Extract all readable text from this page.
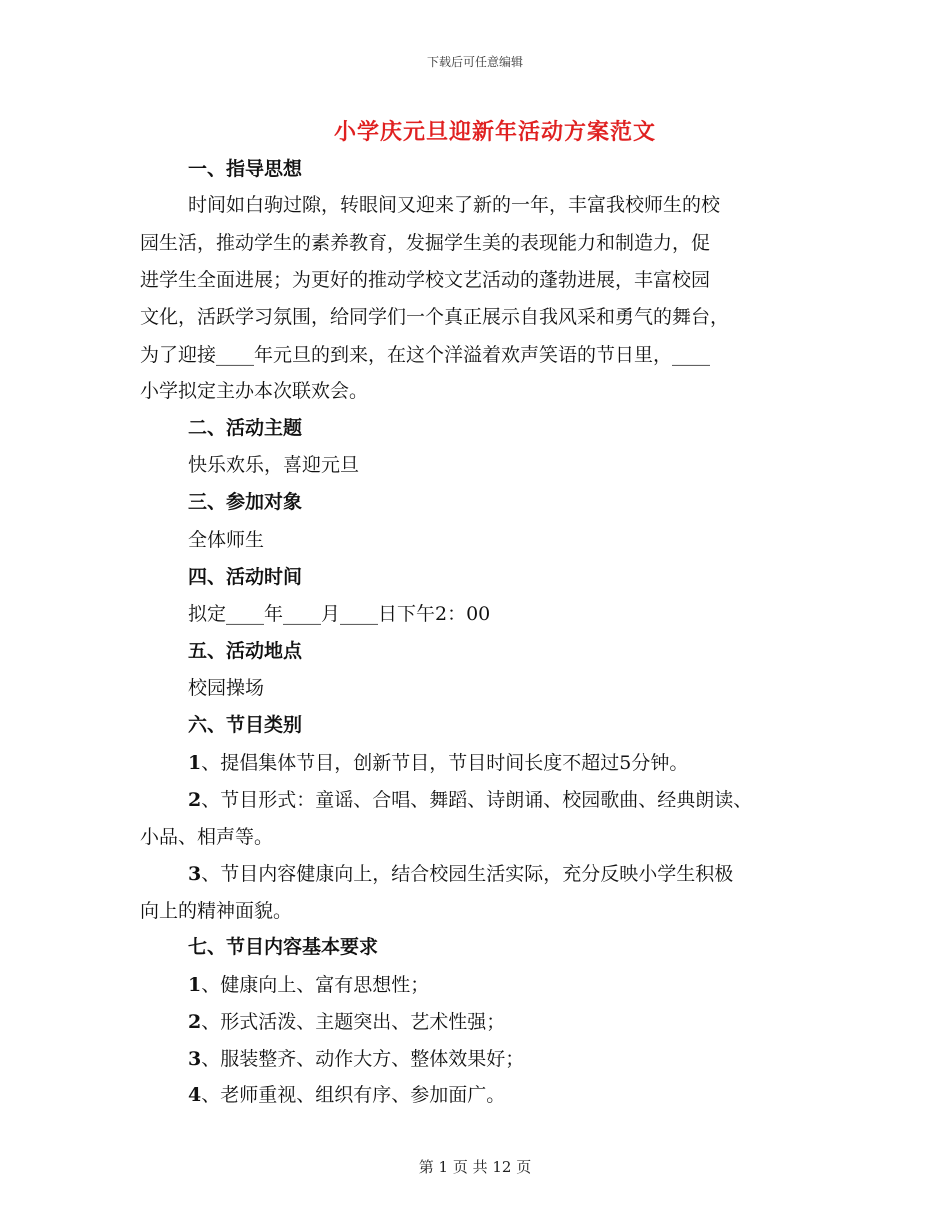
下载后可任意编辑
小学庆元旦迎新年活动方案范文
一、指导思想
时间如白驹过隙，转眼间又迎来了新的一年，丰富我校师生的校
园生活，推动学生的素养教育，发掘学生美的表现能力和制造力，促
进学生全面进展；为更好的推动学校文艺活动的蓬勃进展，丰富校园
文化，活跃学习氛围，给同学们一个真正展示自我风采和勇气的舞台，
为了迎接____年元旦的到来，在这个洋溢着欢声笑语的节日里，____
小学拟定主办本次联欢会。
二、活动主题
快乐欢乐，喜迎元旦
三、参加对象
全体师生
四、活动时间
拟定____年____月____日下午2：00
五、活动地点
校园操场
六、节目类别
1、提倡集体节目，创新节目，节目时间长度不超过5分钟。
2、节目形式：童谣、合唱、舞蹈、诗朗诵、校园歌曲、经典朗读、
小品、相声等。
3、节目内容健康向上，结合校园生活实际，充分反映小学生积极
向上的精神面貌。
七、节目内容基本要求
1、健康向上、富有思想性；
2、形式活泼、主题突出、艺术性强；
3、服装整齐、动作大方、整体效果好；
4、老师重视、组织有序、参加面广。
第 1 页 共 12 页
